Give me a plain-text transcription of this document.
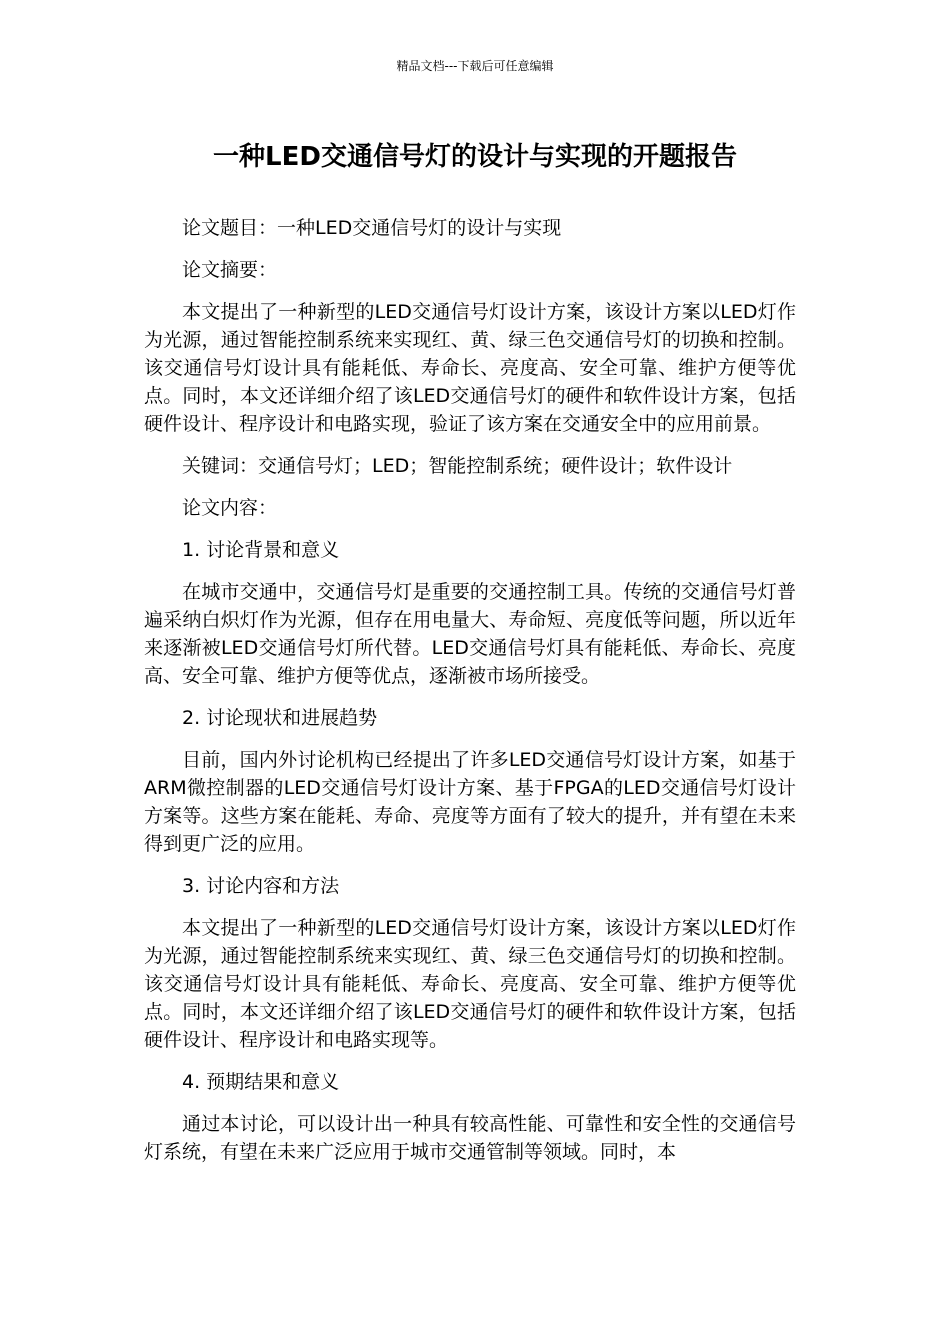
精品文档---下载后可任意编辑
一种LED交通信号灯的设计与实现的开题报告

论文题目：一种LED交通信号灯的设计与实现

论文摘要：

本文提出了一种新型的LED交通信号灯设计方案，该设计方案以LED灯作为光源，通过智能控制系统来实现红、黄、绿三色交通信号灯的切换和控制。该交通信号灯设计具有能耗低、寿命长、亮度高、安全可靠、维护方便等优点。同时，本文还详细介绍了该LED交通信号灯的硬件和软件设计方案，包括硬件设计、程序设计和电路实现，验证了该方案在交通安全中的应用前景。

关键词：交通信号灯；LED；智能控制系统；硬件设计；软件设计

论文内容：

1. 讨论背景和意义

在城市交通中，交通信号灯是重要的交通控制工具。传统的交通信号灯普遍采纳白炽灯作为光源，但存在用电量大、寿命短、亮度低等问题，所以近年来逐渐被LED交通信号灯所代替。LED交通信号灯具有能耗低、寿命长、亮度高、安全可靠、维护方便等优点，逐渐被市场所接受。

2. 讨论现状和进展趋势

目前，国内外讨论机构已经提出了许多LED交通信号灯设计方案，如基于ARM微控制器的LED交通信号灯设计方案、基于FPGA的LED交通信号灯设计方案等。这些方案在能耗、寿命、亮度等方面有了较大的提升，并有望在未来得到更广泛的应用。

3. 讨论内容和方法

本文提出了一种新型的LED交通信号灯设计方案，该设计方案以LED灯作为光源，通过智能控制系统来实现红、黄、绿三色交通信号灯的切换和控制。该交通信号灯设计具有能耗低、寿命长、亮度高、安全可靠、维护方便等优点。同时，本文还详细介绍了该LED交通信号灯的硬件和软件设计方案，包括硬件设计、程序设计和电路实现等。

4. 预期结果和意义

通过本讨论，可以设计出一种具有较高性能、可靠性和安全性的交通信号灯系统，有望在未来广泛应用于城市交通管制等领域。同时，本
